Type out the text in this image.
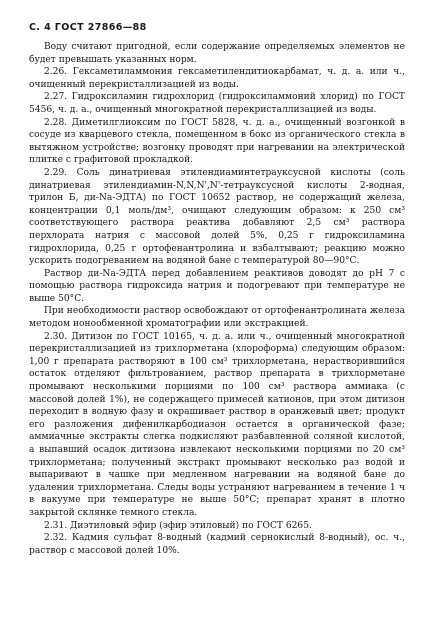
С. 4 ГОСТ 27866—88

Воду считают пригодной, если содержание определяемых элементов не будет превышать указанных норм.

2.26. Гексаметиламмония гексаметилендитиокарбамат, ч. д. а. или ч., очищенный перекристаллизацией из воды.

2.27. Гидроксиламин гидрохлорид (гидроксиламмоний хлорид) по ГОСТ 5456, ч. д. а., очищенный многократной перекристаллизацией из воды.

2.28. Диметилглиоксим по ГОСТ 5828, ч. д. а., очищенный возгонкой в сосуде из кварцевого стекла, помещенном в бокс из органического стекла в вытяжном устройстве; возгонку проводят при нагревании на электрической плитке с графитовой прокладкой.

2.29. Соль динатриевая этилендиаминтетрауксусной кислоты (соль динатриевая этилендиамин-N,N,N',N'-тетрауксусной кислоты 2-водная, трилон Б, ди-Nа-ЭДТА) по ГОСТ 10652 раствор, не содержащий железа, концентрации 0,1 моль/дм³, очищают следующим образом: к 250 см³ соответствующего раствора реактива добавляют 2,5 см³ раствора перхлората натрия с массовой долей 5%, 0,25 г гидроксиламина гидрохлорида, 0,25 г ортофенантролина и взбалтывают; реакцию можно ускорить подогреванием на водяной бане с температурой 80—90°С.

Раствор ди-Nа-ЭДТА перед добавлением реактивов доводят до рН 7 с помощью раствора гидроксида натрия и подогревают при температуре не выше 50°С.

При необходимости раствор освобождают от ортофенантролината железа методом ионообменной хроматографии или экстракцией.

2.30. Дитизон по ГОСТ 10165, ч. д. а. или ч., очищенный многократной перекристаллизацией из трихлорметана (хлороформа) следующим образом: 1,00 г препарата растворяют в 100 см³ трихлорметана, нерастворившийся остаток отделяют фильтрованием, раствор препарата в трихлорметане промывают несколькими порциями по 100 см³ раствора аммиака (с массовой долей 1%), не содержащего примесей катионов, при этом дитизон переходит в водную фазу и окрашивает раствор в оранжевый цвет; продукт его разложения дифенилкарбодиазон остается в органической фазе; аммиачные экстракты слегка подкисляют разбавленной соляной кислотой, а выпавший осадок дитизона извлекают несколькими порциями по 20 см³ трихлорметана; полученный экстракт промывают несколько раз водой и выпаривают в чашке при медленном нагревании на водяной бане до удаления трихлорметана. Следы воды устраняют нагреванием в течение 1 ч в вакууме при температуре не выше 50°С; препарат хранят в плотно закрытой склянке темного стекла.

2.31. Диэтиловый эфир (эфир этиловый) по ГОСТ 6265.

2.32. Кадмия сульфат 8-водный (кадмий сернокислый 8-водный), ос. ч., раствор с массовой долей 10%.
